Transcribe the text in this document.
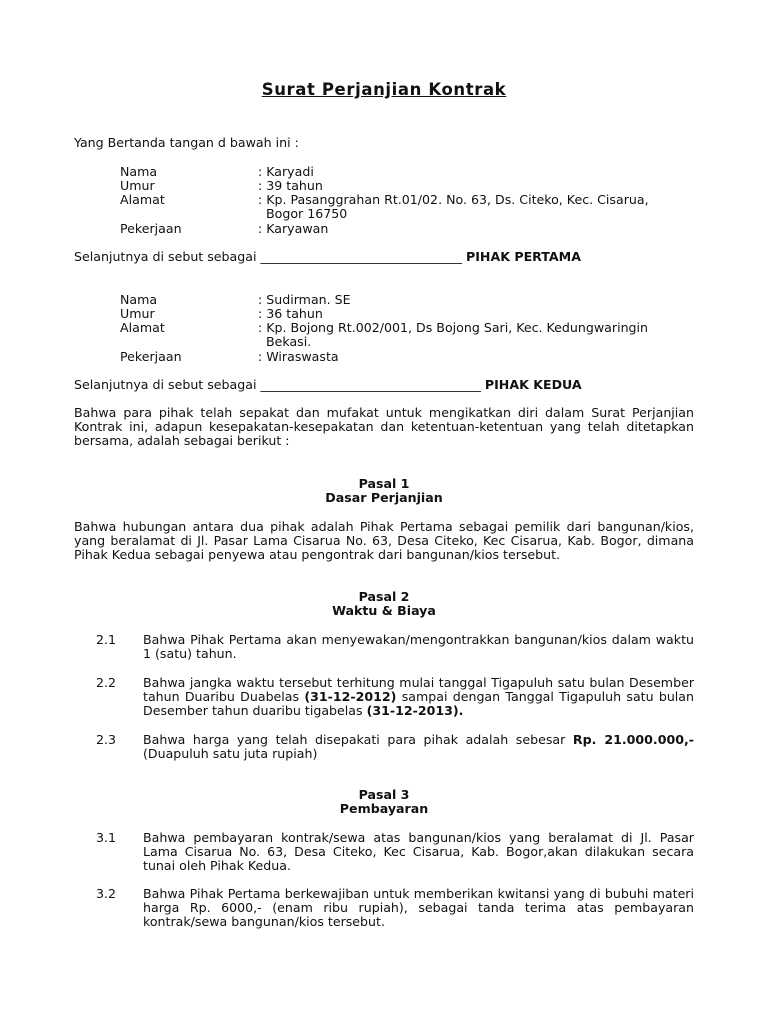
Surat Perjanjian Kontrak
Yang Bertanda tangan d bawah ini :
Nama
Umur
Alamat
Pekerjaan
: Karyadi
: 39 tahun
: Kp. Pasanggrahan Rt.01/02. No. 63, Ds. Citeko, Kec. Cisarua,
Bogor 16750
: Karyawan
Selanjutnya di sebut sebagai ________________________________ PIHAK PERTAMA
Nama
Umur
Alamat
Pekerjaan
: Sudirman. SE
: 36 tahun
: Kp. Bojong Rt.002/001, Ds Bojong Sari, Kec. Kedungwaringin
Bekasi.
: Wiraswasta
Selanjutnya di sebut sebagai ___________________________________ PIHAK KEDUA
Bahwa para pihak telah sepakat dan mufakat untuk mengikatkan diri dalam Surat Perjanjian Kontrak ini, adapun kesepakatan-kesepakatan dan ketentuan-ketentuan yang telah ditetapkan bersama, adalah sebagai berikut :
Pasal 1
Dasar Perjanjian
Bahwa hubungan antara dua pihak adalah Pihak Pertama sebagai pemilik dari bangunan/kios, yang beralamat di Jl. Pasar Lama Cisarua No. 63, Desa Citeko, Kec Cisarua, Kab. Bogor, dimana Pihak Kedua sebagai penyewa atau pengontrak dari bangunan/kios tersebut.
Pasal 2
Waktu & Biaya
2.1 Bahwa Pihak Pertama akan menyewakan/mengontrakkan bangunan/kios dalam waktu 1 (satu) tahun.
2.2 Bahwa jangka waktu tersebut terhitung mulai tanggal Tigapuluh satu bulan Desember tahun Duaribu Duabelas (31-12-2012) sampai dengan Tanggal Tigapuluh satu bulan Desember tahun duaribu tigabelas (31-12-2013).
2.3 Bahwa harga yang telah disepakati para pihak adalah sebesar Rp. 21.000.000,- (Duapuluh satu juta rupiah)
Pasal 3
Pembayaran
3.1 Bahwa pembayaran kontrak/sewa atas bangunan/kios yang beralamat di Jl. Pasar Lama Cisarua No. 63, Desa Citeko, Kec Cisarua, Kab. Bogor,akan dilakukan secara tunai oleh Pihak Kedua.
3.2 Bahwa Pihak Pertama berkewajiban untuk memberikan kwitansi yang di bubuhi materi harga Rp. 6000,- (enam ribu rupiah), sebagai tanda terima atas pembayaran kontrak/sewa bangunan/kios tersebut.
